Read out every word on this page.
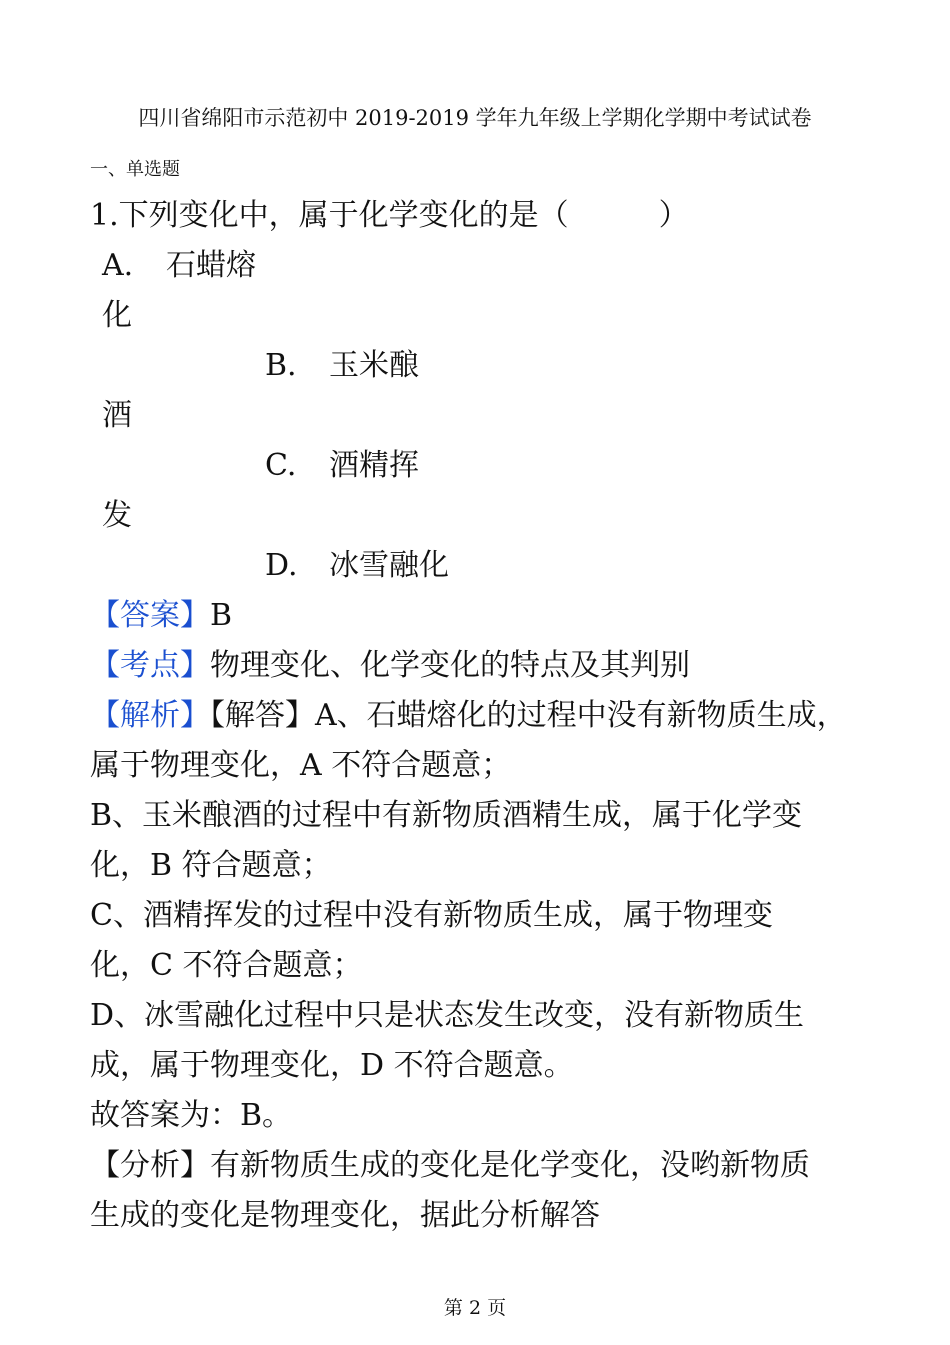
四川省绵阳市示范初中 2019-2019 学年九年级上学期化学期中考试试卷
一、单选题
1.下列变化中，属于化学变化的是（　　　）
A. 石蜡熔
化
B. 玉米酿
酒
C. 酒精挥
发
D. 冰雪融化
【答案】B
【考点】物理变化、化学变化的特点及其判别
【解析】【解答】A、石蜡熔化的过程中没有新物质生成，
属于物理变化，A 不符合题意；
B、玉米酿酒的过程中有新物质酒精生成，属于化学变
化，B 符合题意；
C、酒精挥发的过程中没有新物质生成，属于物理变
化，C 不符合题意；
D、冰雪融化过程中只是状态发生改变，没有新物质生
成，属于物理变化，D 不符合题意。
故答案为：B。
【分析】有新物质生成的变化是化学变化，没哟新物质
生成的变化是物理变化，据此分析解答
第 2 页
